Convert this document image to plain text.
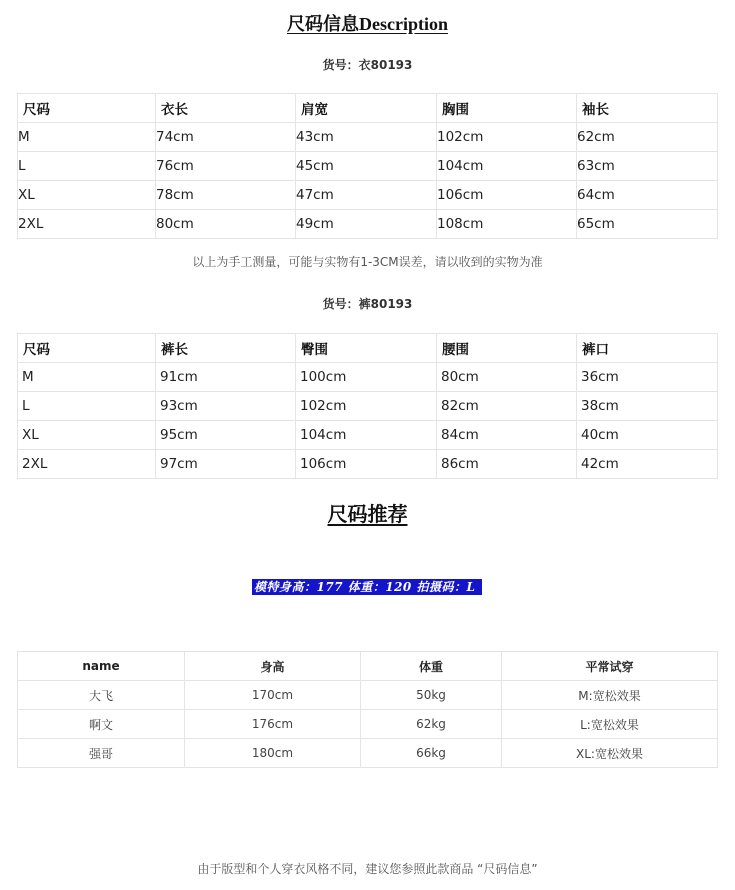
尺码信息Description
货号：衣80193
尺码	衣长	肩宽	胸围	袖长
M	74cm	43cm	102cm	62cm
L	76cm	45cm	104cm	63cm
XL	78cm	47cm	106cm	64cm
2XL	80cm	49cm	108cm	65cm
以上为手工测量，可能与实物有1-3CM误差，请以收到的实物为准
货号：裤80193
尺码	裤长	臀围	腰围	裤口
M	91cm	100cm	80cm	36cm
L	93cm	102cm	82cm	38cm
XL	95cm	104cm	84cm	40cm
2XL	97cm	106cm	86cm	42cm
尺码推荐
模特身高：177 体重：120 拍摄码：L
name	身高	体重	平常试穿
大飞	170cm	50kg	M:宽松效果
啊文	176cm	62kg	L:宽松效果
强哥	180cm	66kg	XL:宽松效果
由于版型和个人穿衣风格不同，建议您参照此款商品 “尺码信息”
